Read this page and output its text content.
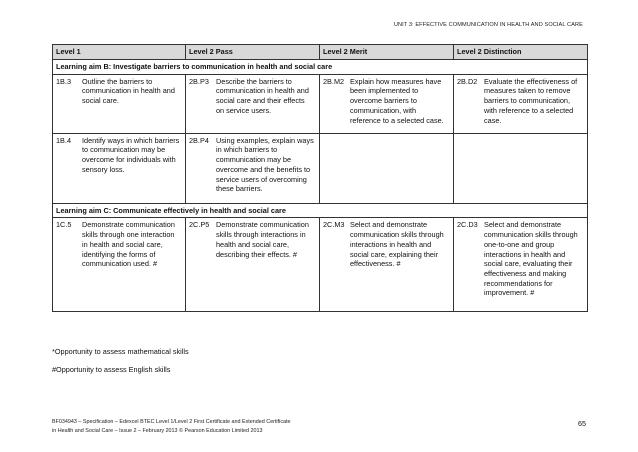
UNIT 3: EFFECTIVE COMMUNICATION IN HEALTH AND SOCIAL CARE
Level 1	Level 2 Pass	Level 2 Merit	Level 2 Distinction
Learning aim B: Investigate barriers to communication in health and social care			

1B.3 Outline the barriers to communication in health and social care.	2B.P3 Describe the barriers to communication in health and social care and their effects on service users.	2B.M2 Explain how measures have been implemented to overcome barriers to communication, with reference to a selected case.	2B.D2 Evaluate the effectiveness of measures taken to remove barriers to communication, with reference to a selected case.

1B.4 Identify ways in which barriers to communication may be overcome for individuals with sensory loss.	2B.P4 Using examples, explain ways in which barriers to communication may be overcome and the benefits to service users of overcoming these barriers.		

Learning aim C: Communicate effectively in health and social care			

1C.5 Demonstrate communication skills through one interaction in health and social care, identifying the forms of communication used. #	2C.P5 Demonstrate communication skills through interactions in health and social care, describing their effects. #	2C.M3 Select and demonstrate communication skills through interactions in health and social care, explaining their effectiveness. #	2C.D3 Select and demonstrate communication skills through one-to-one and group interactions in health and social care, evaluating their effectiveness and making recommendations for improvement. #
*Opportunity to assess mathematical skills
#Opportunity to assess English skills
BF034943 – Specification – Edexcel BTEC Level 1/Level 2 First Certificate and Extended Certificate
in Health and Social Care – Issue 2 – February 2013 © Pearson Education Limited 2013
65
